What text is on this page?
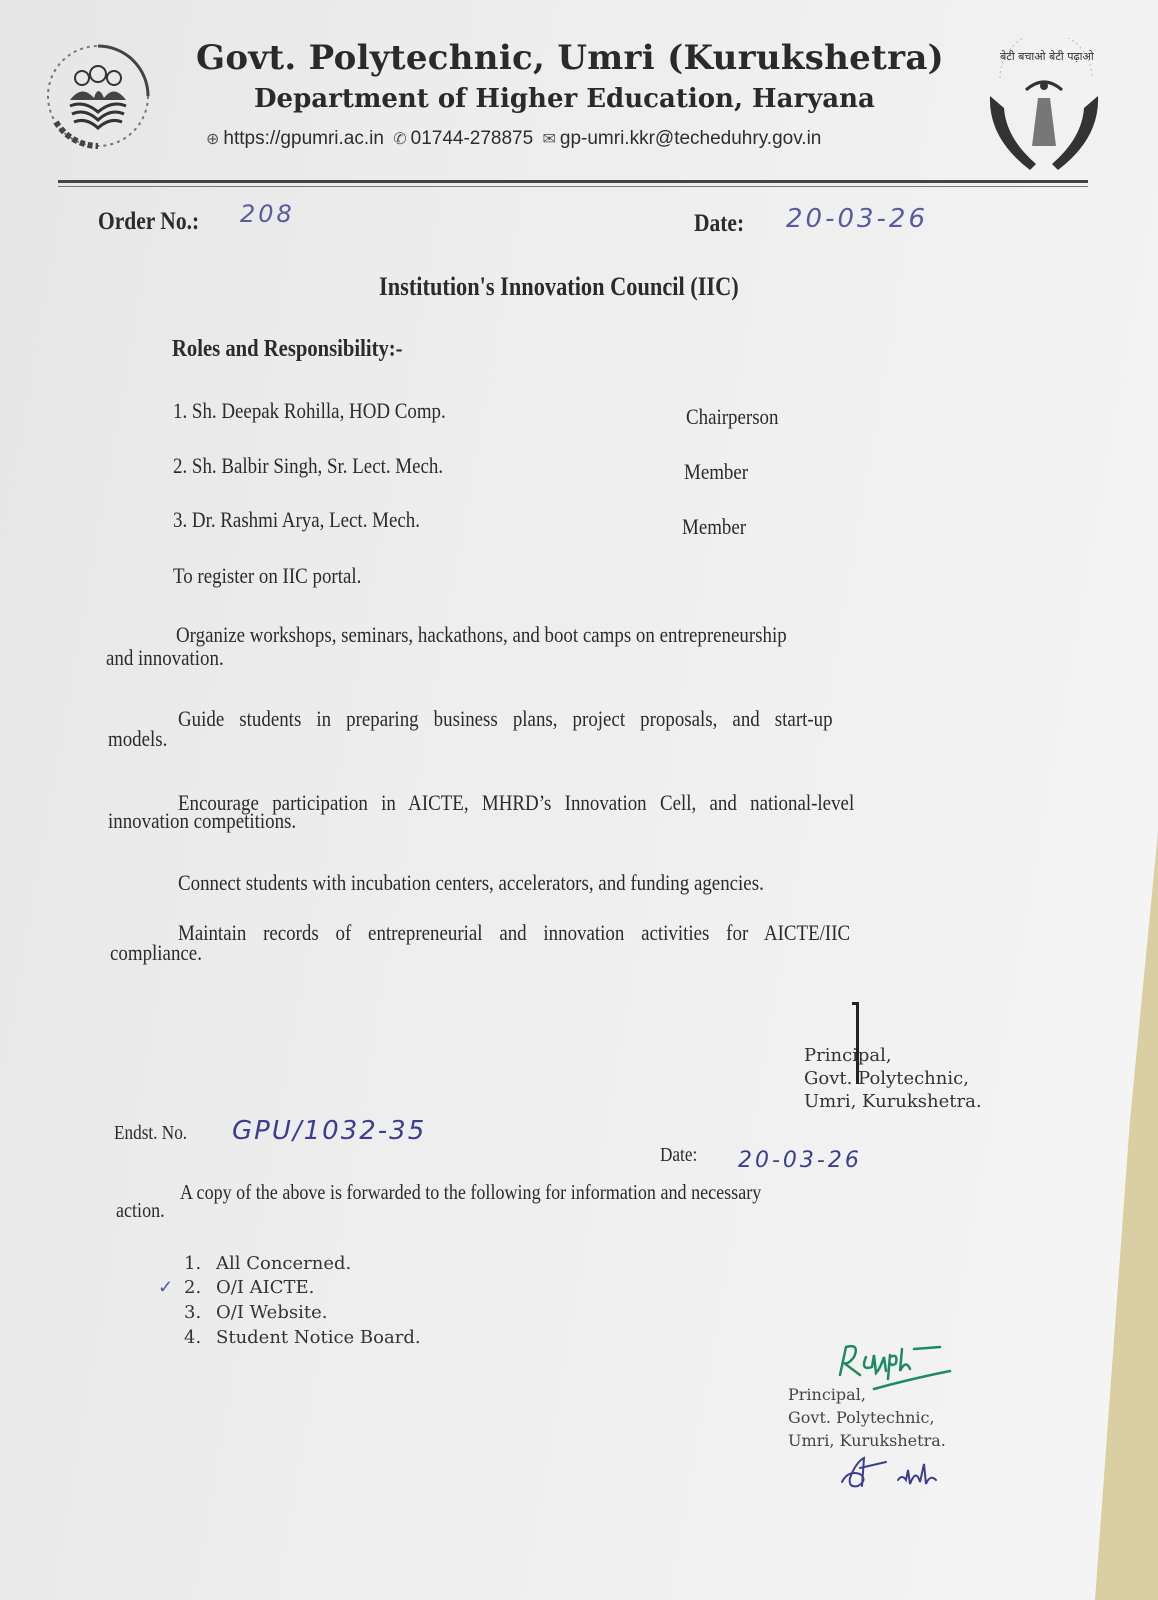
बेटी बचाओ बेटी पढ़ाओ
Govt. Polytechnic, Umri (Kurukshetra)
Department of Higher Education, Haryana
⊕ https://gpumri.ac.in ✆ 01744-278875 ✉ gp-umri.kkr@techeduhry.gov.in
Order No.: 208	Date: 20-03-26
Institution's Innovation Council (IIC)
Roles and Responsibility:-
1. Sh. Deepak Rohilla, HOD Comp.	Chairperson
2. Sh. Balbir Singh, Sr. Lect. Mech.	Member
3. Dr. Rashmi Arya, Lect. Mech.	Member
To register on IIC portal.
Organize workshops, seminars, hackathons, and boot camps on entrepreneurship
and innovation.
Guide students in preparing business plans, project proposals, and start-up
models.
Encourage participation in AICTE, MHRD’s Innovation Cell, and national-level
innovation competitions.
Connect students with incubation centers, accelerators, and funding agencies.
Maintain records of entrepreneurial and innovation activities for AICTE/IIC
compliance.
Principal,
Govt. Polytechnic,
Umri, Kurukshetra.
Endst. No. GPU/1032-35
Date: 20-03-26
A copy of the above is forwarded to the following for information and necessary
action.
✓
1. All Concerned.
2. O/I AICTE.
3. O/I Website.
4. Student Notice Board.
Principal,
Govt. Polytechnic,
Umri, Kurukshetra.
